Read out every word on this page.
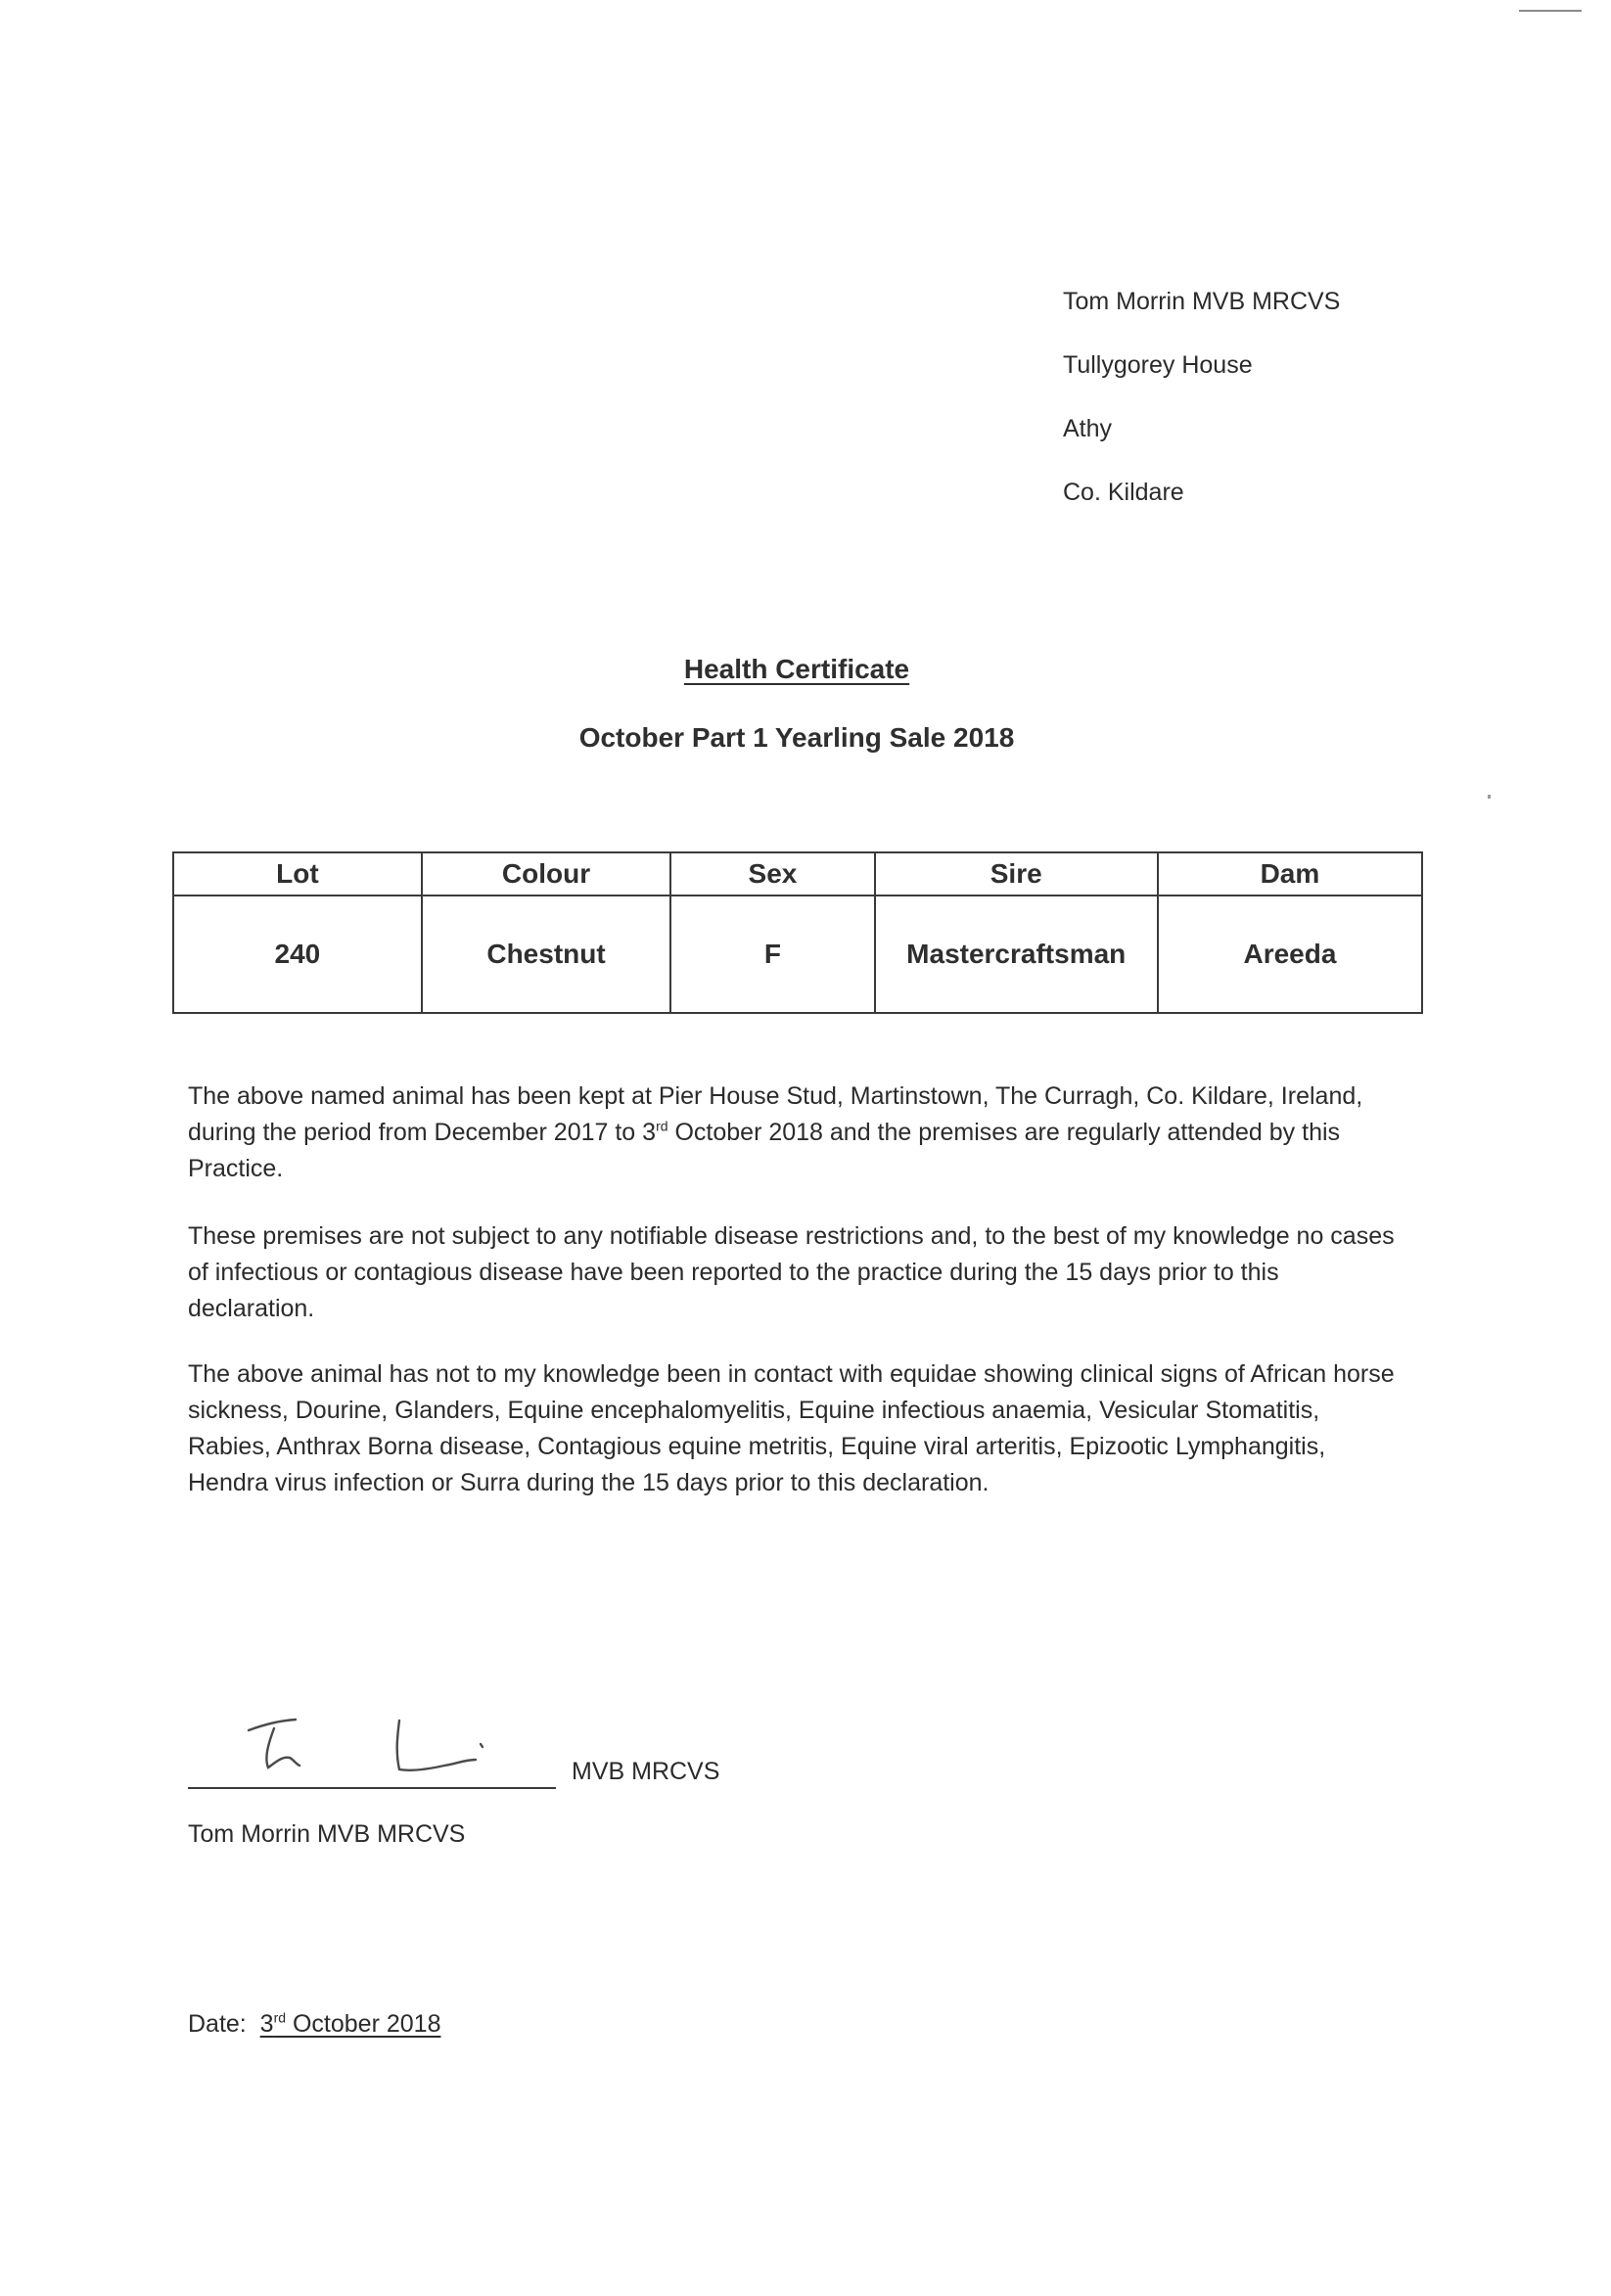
Tom Morrin MVB MRCVS
Tullygorey House
Athy
Co. Kildare
Health Certificate
October Part 1 Yearling Sale 2018
Lot	Colour	Sex	Sire	Dam
240	Chestnut	F	Mastercraftsman	Areeda

The above named animal has been kept at Pier House Stud, Martinstown, The Curragh, Co. Kildare, Ireland, during the period from December 2017 to 3rd October 2018 and the premises are regularly attended by this Practice.

These premises are not subject to any notifiable disease restrictions and, to the best of my knowledge no cases of infectious or contagious disease have been reported to the practice during the 15 days prior to this declaration.

The above animal has not to my knowledge been in contact with equidae showing clinical signs of African horse sickness, Dourine, Glanders, Equine encephalomyelitis, Equine infectious anaemia, Vesicular Stomatitis, Rabies, Anthrax Borna disease, Contagious equine metritis, Equine viral arteritis, Epizootic Lymphangitis, Hendra virus infection or Surra during the 15 days prior to this declaration.

MVB MRCVS
Tom Morrin MVB MRCVS
Date: 3rd October 2018
